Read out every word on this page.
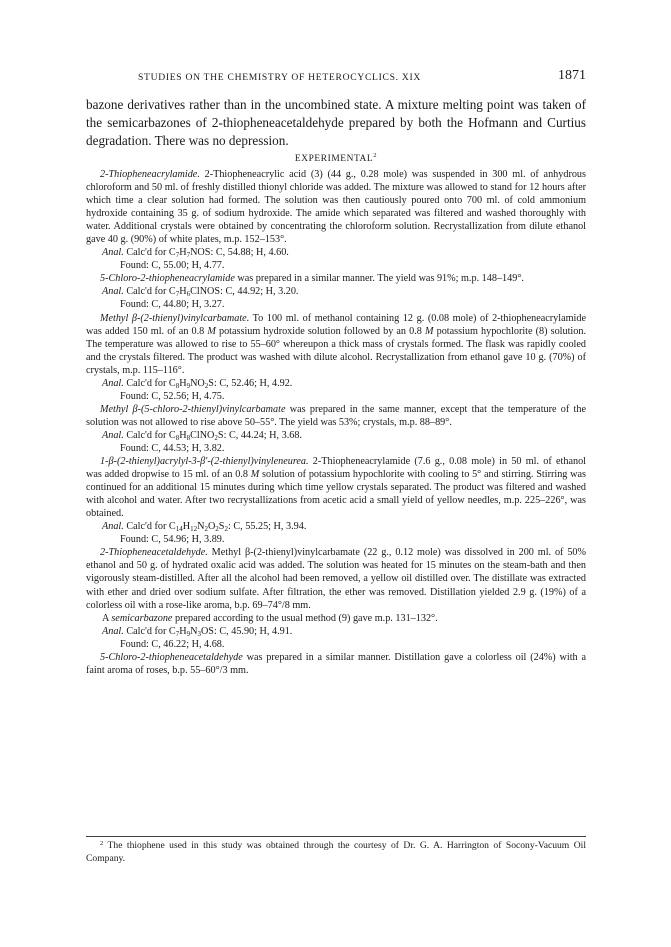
STUDIES ON THE CHEMISTRY OF HETEROCYCLICS. XIX	1871
bazone derivatives rather than in the uncombined state. A mixture melting point was taken of the semicarbazones of 2-thiopheneacetaldehyde prepared by both the Hofmann and Curtius degradation. There was no depression.
EXPERIMENTAL$^2$

2-Thiopheneacrylamide. 2-Thiopheneacrylic acid (3) (44 g., 0.28 mole) was suspended in 300 ml. of anhydrous chloroform and 50 ml. of freshly distilled thionyl chloride was added. The mixture was allowed to stand for 12 hours after which time a clear solution had formed. The solution was then cautiously poured onto 700 ml. of cold ammonium hydroxide containing 35 g. of sodium hydroxide. The amide which separated was filtered and washed thoroughly with water. Additional crystals were obtained by concentrating the chloroform solution. Recrystallization from dilute ethanol gave 40 g. (90%) of white plates, m.p. 152–153°.

Anal. Calc'd for $C_7H_7NOS$: C, 54.88; H, 4.60.

Found: C, 55.00; H, 4.77.

5-Chloro-2-thiopheneacrylamide was prepared in a similar manner. The yield was 91%; m.p. 148–149°.

Anal. Calc'd for $C_7H_6ClNOS$: C, 44.92; H, 3.20.

Found: C, 44.80; H, 3.27.

Methyl β-(2-thienyl)vinylcarbamate. To 100 ml. of methanol containing 12 g. (0.08 mole) of 2-thiopheneacrylamide was added 150 ml. of an 0.8 M potassium hydroxide solution followed by an 0.8 M potassium hypochlorite (8) solution. The temperature was allowed to rise to 55–60° whereupon a thick mass of crystals formed. The flask was rapidly cooled and the crystals filtered. The product was washed with dilute alcohol. Recrystallization from ethanol gave 10 g. (70%) of crystals, m.p. 115–116°.

Anal. Calc'd for $C_8H_9NO_2S$: C, 52.46; H, 4.92.

Found: C, 52.56; H, 4.75.

Methyl β-(5-chloro-2-thienyl)vinylcarbamate was prepared in the same manner, except that the temperature of the solution was not allowed to rise above 50–55°. The yield was 53%; crystals, m.p. 88–89°.

Anal. Calc'd for $C_8H_8ClNO_2S$: C, 44.24; H, 3.68.

Found: C, 44.53; H, 3.82.

1-β-(2-thienyl)acrylyl-3-β′-(2-thienyl)vinyleneurea. 2-Thiopheneacrylamide (7.6 g., 0.08 mole) in 50 ml. of ethanol was added dropwise to 15 ml. of an 0.8 M solution of potassium hypochlorite with cooling to 5° and stirring. Stirring was continued for an additional 15 minutes during which time yellow crystals separated. The product was filtered and washed with alcohol and water. After two recrystallizations from acetic acid a small yield of yellow needles, m.p. 225–226°, was obtained.

Anal. Calc'd for $C_{14}H_{12}N_2O_2S_2$: C, 55.25; H, 3.94.

Found: C, 54.96; H, 3.89.

2-Thiopheneacetaldehyde. Methyl β-(2-thienyl)vinylcarbamate (22 g., 0.12 mole) was dissolved in 200 ml. of 50% ethanol and 50 g. of hydrated oxalic acid was added. The solution was heated for 15 minutes on the steam-bath and then vigorously steam-distilled. After all the alcohol had been removed, a yellow oil distilled over. The distillate was extracted with ether and dried over sodium sulfate. After filtration, the ether was removed. Distillation yielded 2.9 g. (19%) of a colorless oil with a rose-like aroma, b.p. 69–74°/8 mm.

A semicarbazone prepared according to the usual method (9) gave m.p. 131–132°.

Anal. Calc'd for $C_7H_9N_3OS$: C, 45.90; H, 4.91.

Found: C, 46.22; H, 4.68.

5-Chloro-2-thiopheneacetaldehyde was prepared in a similar manner. Distillation gave a colorless oil (24%) with a faint aroma of roses, b.p. 55–60°/3 mm.

$^2$ The thiophene used in this study was obtained through the courtesy of Dr. G. A. Harrington of Socony-Vacuum Oil Company.
